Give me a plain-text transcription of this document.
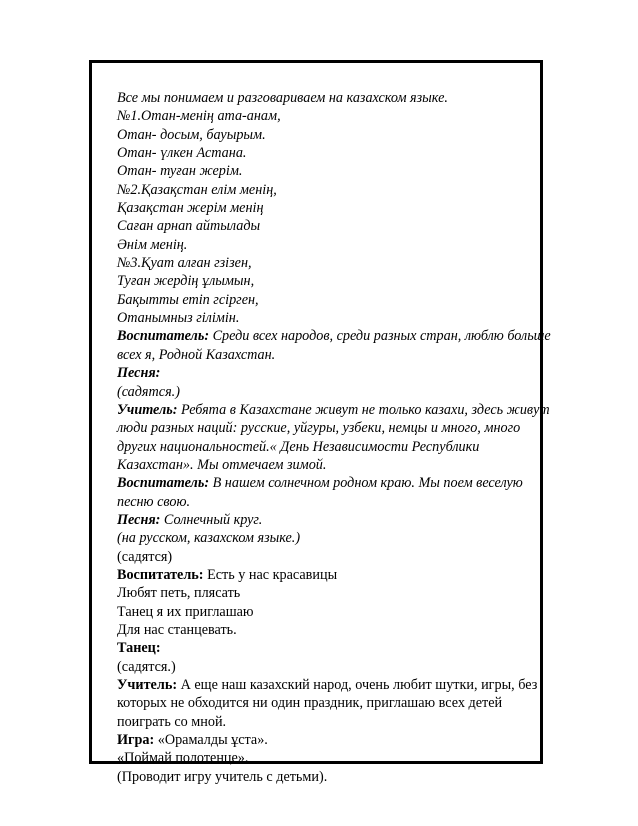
Все мы понимаем и разговариваем на казахском языке.
№1.Отан-менің ата-анам,
Отан- досым, бауырым.
Отан- үлкен Астана.
Отан- туған жерім.
№2.Қазақстан елім менің,
Қазақстан жерім менің
Саған арнап айтылады
Әнім менің.
№3.Қуат алған гзізен,
Туған жердің ұлымын,
Бақытты етіп гсірген,
Отанымныз гілімін.
Воспитатель: Среди всех народов, среди разных стран, люблю больше
всех я, Родной Казахстан.
Песня:
(садятся.)
Учитель: Ребята в Казахстане живут не только казахи, здесь живут
люди разных наций: русские, уйгуры, узбеки, немцы и много, много
других национальностей.« День Независимости Республики
Казахстан». Мы отмечаем зимой.
Воспитатель: В нашем солнечном родном краю. Мы поем веселую
песню свою.
Песня: Солнечный круг.
(на русском, казахском языке.)
(садятся)
Воспитатель: Есть у нас красавицы
Любят петь, плясать
Танец я их приглашаю
Для нас станцевать.
Танец:
(садятся.)
Учитель: А еще наш казахский народ, очень любит шутки, игры, без
которых не обходится ни один праздник, приглашаю всех детей
поиграть со мной.
Игра: «Орамалды ұста».
«Поймай полотенце».
(Проводит игру учитель с детьми).
